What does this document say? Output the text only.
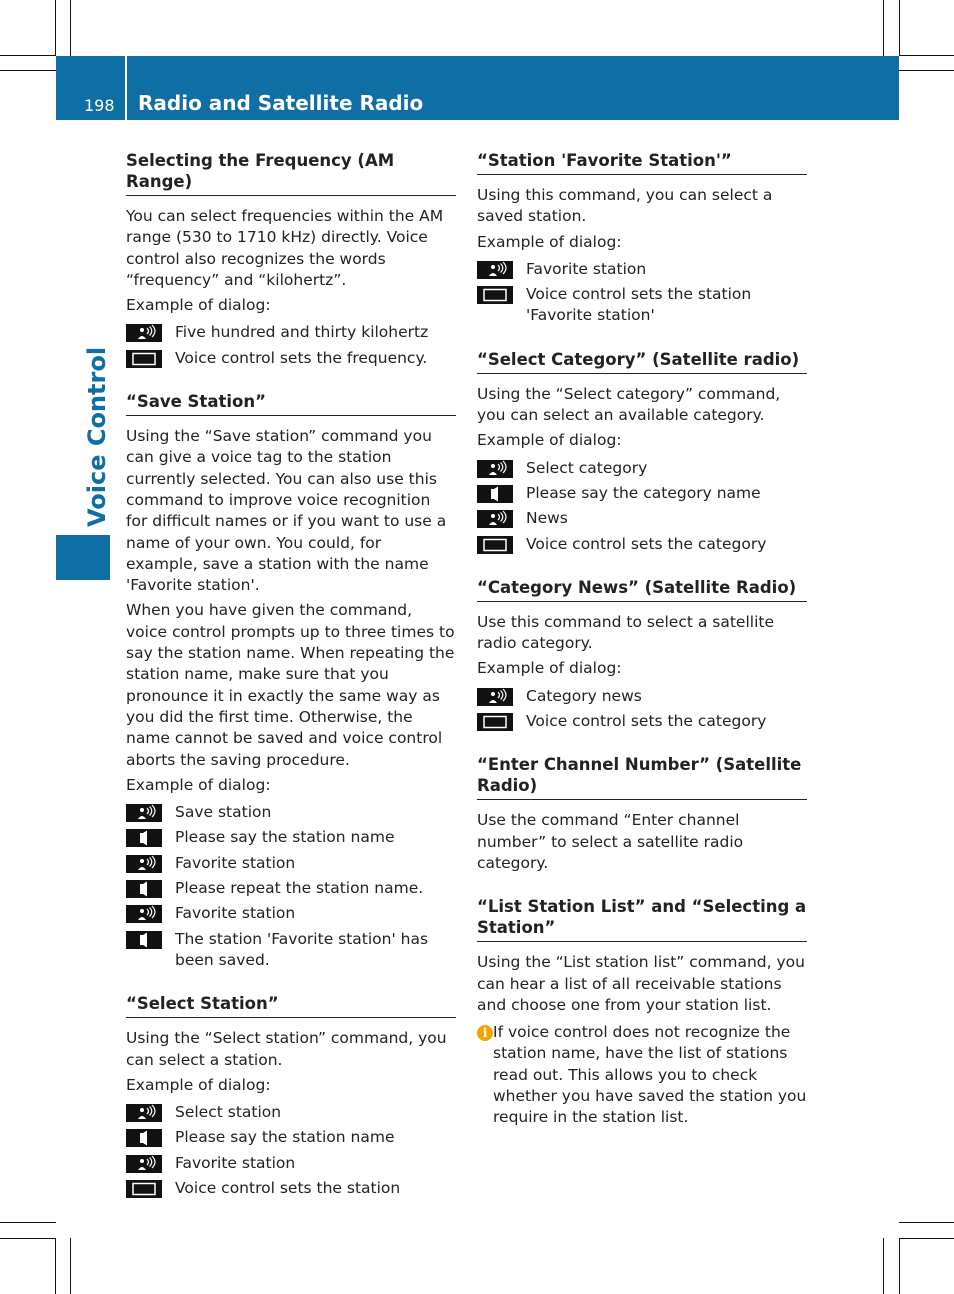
198 Radio and Satellite Radio
Voice Control
Selecting the Frequency (AM Range)
You can select frequencies within the AM range (530 to 1710 kHz) directly. Voice control also recognizes the words “frequency” and “kilohertz”.
Example of dialog:
Five hundred and thirty kilohertz
Voice control sets the frequency.
“Save Station”
Using the “Save station” command you can give a voice tag to the station currently selected. You can also use this command to improve voice recognition for difficult names or if you want to use a name of your own. You could, for example, save a station with the name 'Favorite station'.
When you have given the command, voice control prompts up to three times to say the station name. When repeating the station name, make sure that you pronounce it in exactly the same way as you did the first time. Otherwise, the name cannot be saved and voice control aborts the saving procedure.
Example of dialog:
Save station
Please say the station name
Favorite station
Please repeat the station name.
Favorite station
The station 'Favorite station' has been saved.
“Select Station”
Using the “Select station” command, you can select a station.
Example of dialog:
Select station
Please say the station name
Favorite station
Voice control sets the station
“Station 'Favorite Station'”
Using this command, you can select a saved station.
Example of dialog:
Favorite station
Voice control sets the station 'Favorite station'
“Select Category” (Satellite radio)
Using the “Select category” command, you can select an available category.
Example of dialog:
Select category
Please say the category name
News
Voice control sets the category
“Category News” (Satellite Radio)
Use this command to select a satellite radio category.
Example of dialog:
Category news
Voice control sets the category
“Enter Channel Number” (Satellite Radio)
Use the command “Enter channel number” to select a satellite radio category.
“List Station List” and “Selecting a Station”
Using the “List station list” command, you can hear a list of all receivable stations and choose one from your station list.
i If voice control does not recognize the station name, have the list of stations read out. This allows you to check whether you have saved the station you require in the station list.
